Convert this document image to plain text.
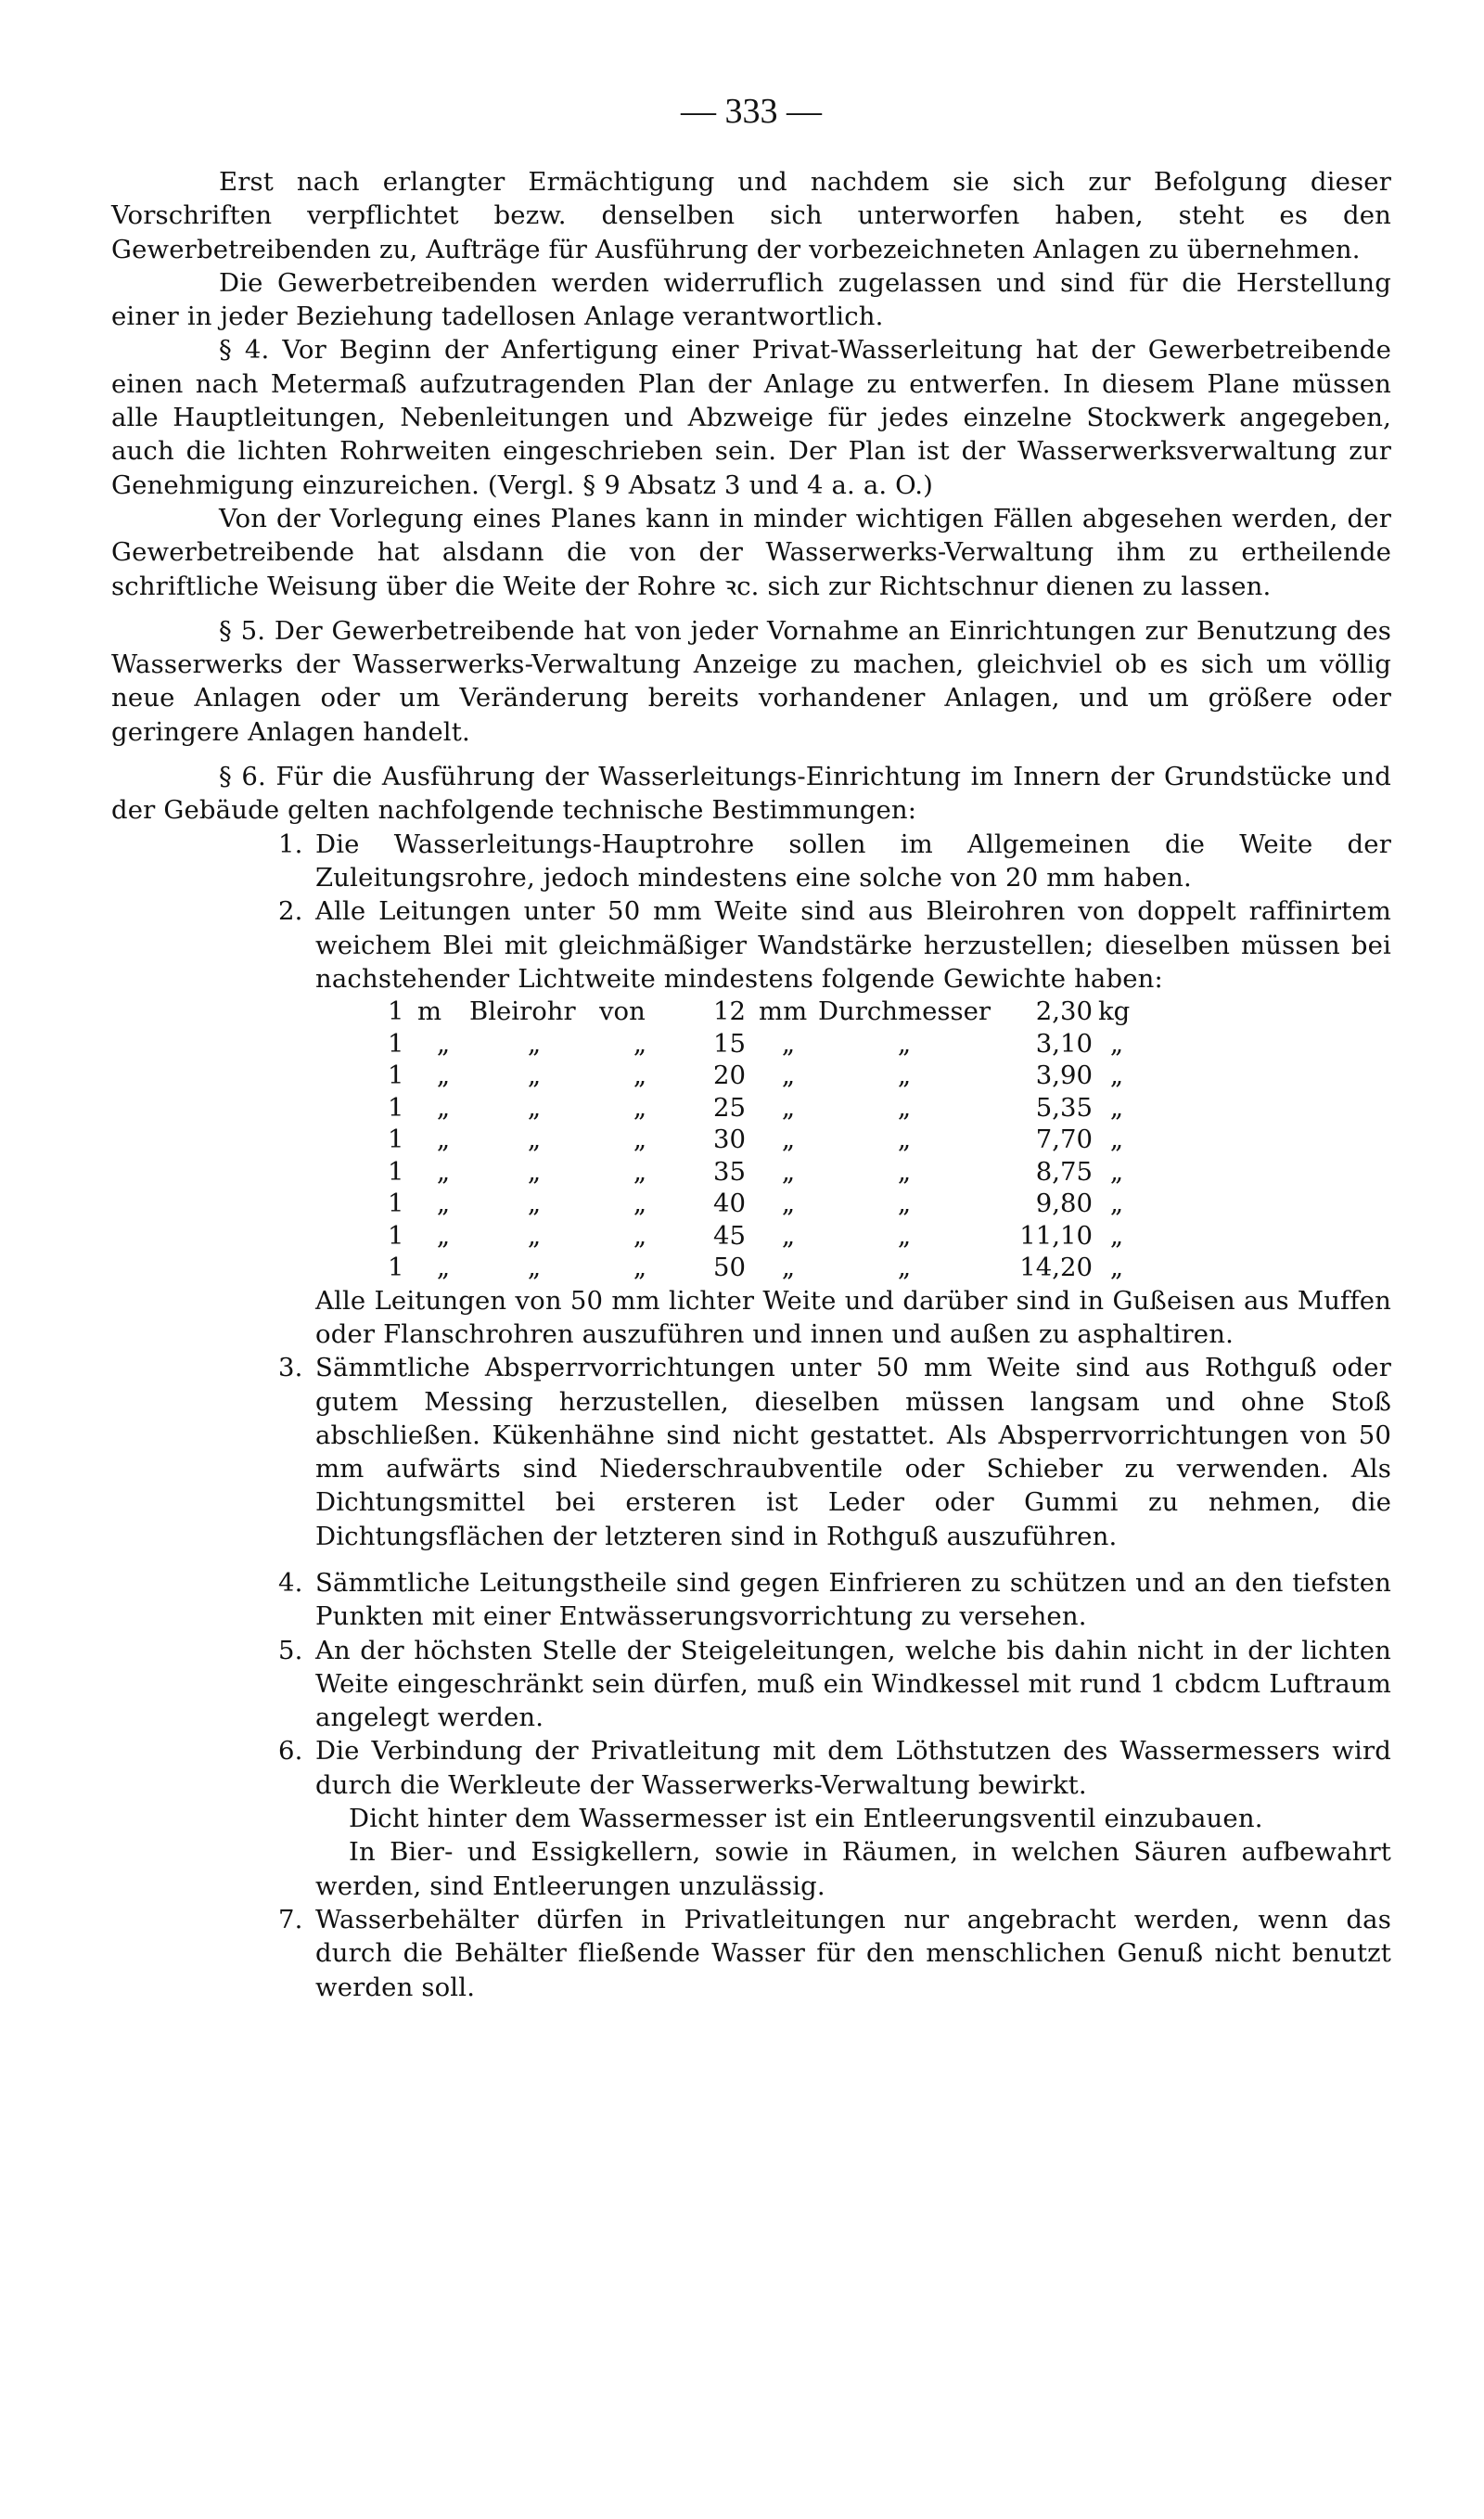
— 333 —

Erst nach erlangter Ermächtigung und nachdem sie sich zur Befolgung dieser Vorschriften verpflichtet bezw. denselben sich unterworfen haben, steht es den Gewerbetreibenden zu, Aufträge für Ausführung der vorbezeichneten Anlagen zu übernehmen.

Die Gewerbetreibenden werden widerruflich zugelassen und sind für die Herstellung einer in jeder Beziehung tadellosen Anlage verantwortlich.

§ 4. Vor Beginn der Anfertigung einer Privat-Wasserleitung hat der Gewerbetreibende einen nach Metermaß aufzutragenden Plan der Anlage zu entwerfen. In diesem Plane müssen alle Hauptleitungen, Nebenleitungen und Abzweige für jedes einzelne Stockwerk angegeben, auch die lichten Rohrweiten eingeschrieben sein. Der Plan ist der Wasserwerksverwaltung zur Genehmigung einzureichen. (Vergl. § 9 Absatz 3 und 4 a. a. O.)

Von der Vorlegung eines Planes kann in minder wichtigen Fällen abgesehen werden, der Gewerbetreibende hat alsdann die von der Wasserwerks-Verwaltung ihm zu ertheilende schriftliche Weisung über die Weite der Rohre ꝛc. sich zur Richtschnur dienen zu lassen.

§ 5. Der Gewerbetreibende hat von jeder Vornahme an Einrichtungen zur Benutzung des Wasserwerks der Wasserwerks-Verwaltung Anzeige zu machen, gleichviel ob es sich um völlig neue Anlagen oder um Veränderung bereits vorhandener Anlagen, und um größere oder geringere Anlagen handelt.

§ 6. Für die Ausführung der Wasserleitungs-Einrichtung im Innern der Grundstücke und der Gebäude gelten nachfolgende technische Bestimmungen:

1. Die Wasserleitungs-Hauptrohre sollen im Allgemeinen die Weite der Zuleitungsrohre, jedoch mindestens eine solche von 20 mm haben.
2. Alle Leitungen unter 50 mm Weite sind aus Bleirohren von doppelt raffinirtem weichem Blei mit gleichmäßiger Wandstärke herzustellen; dieselben müssen bei nachstehender Lichtweite mindestens folgende Gewichte haben:
1	m	Bleirohr	von	12	mm	Durchmesser	2,30	kg
1	„	„	„	15	„	„	3,10	„
1	„	„	„	20	„	„	3,90	„
1	„	„	„	25	„	„	5,35	„
1	„	„	„	30	„	„	7,70	„
1	„	„	„	35	„	„	8,75	„
1	„	„	„	40	„	„	9,80	„
1	„	„	„	45	„	„	11,10	„
1	„	„	„	50	„	„	14,20	„
Alle Leitungen von 50 mm lichter Weite und darüber sind in Gußeisen aus Muffen oder Flanschrohren auszuführen und innen und außen zu asphaltiren.
3. Sämmtliche Absperrvorrichtungen unter 50 mm Weite sind aus Rothguß oder gutem Messing herzustellen, dieselben müssen langsam und ohne Stoß abschließen. Kükenhähne sind nicht gestattet. Als Absperrvorrichtungen von 50 mm aufwärts sind Niederschraubventile oder Schieber zu verwenden. Als Dichtungsmittel bei ersteren ist Leder oder Gummi zu nehmen, die Dichtungsflächen der letzteren sind in Rothguß auszuführen.
4. Sämmtliche Leitungstheile sind gegen Einfrieren zu schützen und an den tiefsten Punkten mit einer Entwässerungsvorrichtung zu versehen.
5. An der höchsten Stelle der Steigeleitungen, welche bis dahin nicht in der lichten Weite eingeschränkt sein dürfen, muß ein Windkessel mit rund 1 cbdcm Luftraum angelegt werden.
6. Die Verbindung der Privatleitung mit dem Löthstutzen des Wassermessers wird durch die Werkleute der Wasserwerks-Verwaltung bewirkt.
Dicht hinter dem Wassermesser ist ein Entleerungsventil einzubauen.
In Bier- und Essigkellern, sowie in Räumen, in welchen Säuren aufbewahrt werden, sind Entleerungen unzulässig.
7. Wasserbehälter dürfen in Privatleitungen nur angebracht werden, wenn das durch die Behälter fließende Wasser für den menschlichen Genuß nicht benutzt werden soll.
